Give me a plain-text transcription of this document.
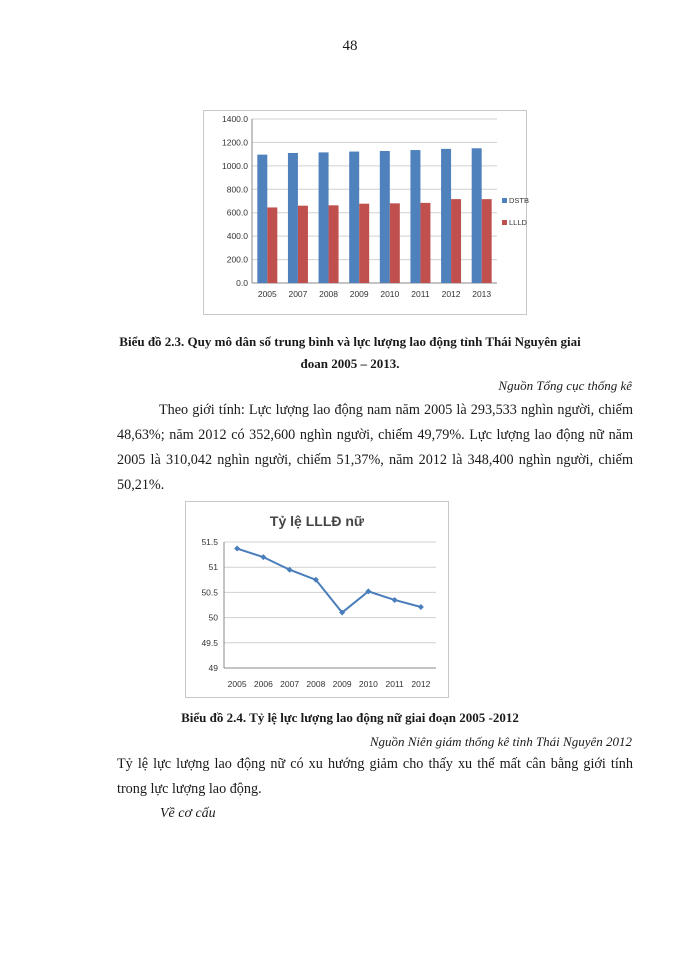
48
0.0
200.0
400.0
600.0
800.0
1000.0
1200.0
1400.0
2005 2007 2008 2009 2010 2011 2012 2013
DSTB
LLLD
Biểu đồ 2.3. Quy mô dân số trung bình và lực lượng lao động tỉnh Thái Nguyên giai
đoan 2005 – 2013.
Nguồn Tổng cục thống kê

Theo giới tính: Lực lượng lao động nam năm 2005 là 293,533 nghìn người, chiếm 48,63%; năm 2012 có 352,600 nghìn người, chiếm 49,79%. Lực lượng lao động nữ năm 2005 là 310,042 nghìn người, chiếm 51,37%, năm 2012 là 348,400 nghìn người, chiếm 50,21%.

Tỷ lệ LLLĐ nữ
49
49.5
50
50.5
51
51.5
2005 2006 2007 2008 2009 2010 2011 2012
Biểu đồ 2.4. Tỷ lệ lực lượng lao động nữ giai đoạn 2005 -2012
Nguồn Niên giám thống kê tỉnh Thái Nguyên 2012

Tỷ lệ lực lượng lao động nữ có xu hướng giảm cho thấy xu thế mất cân bằng giới tính trong lực lượng lao động.

Về cơ cấu
